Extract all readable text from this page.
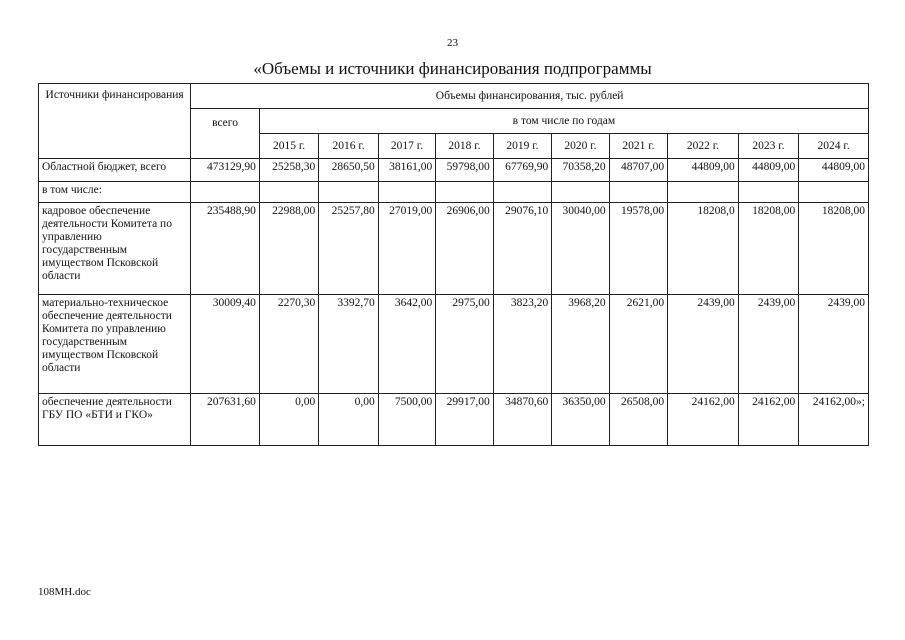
23
«Объемы и источники финансирования подпрограммы
Источники финансирования	Объемы финансирования, тыс. рублей										
	всего	в том числе по годам									
		2015 г.	2016 г.	2017 г.	2018 г.	2019 г.	2020 г.	2021 г.	2022 г.	2023 г.	2024 г.
Областной бюджет, всего	473129,90	25258,30	28650,50	38161,00	59798,00	67769,90	70358,20	48707,00	44809,00	44809,00	44809,00
в том числе:											
кадровое обеспечение деятельности Комитета по управлению государственным имуществом Псковской области	235488,90	22988,00	25257,80	27019,00	26906,00	29076,10	30040,00	19578,00	18208,0	18208,00	18208,00
материально-техническое обеспечение деятельности Комитета по управлению государственным имуществом Псковской области	30009,40	2270,30	3392,70	3642,00	2975,00	3823,20	3968,20	2621,00	2439,00	2439,00	2439,00
обеспечение деятельности ГБУ ПО «БТИ и ГКО»	207631,60	0,00	0,00	7500,00	29917,00	34870,60	36350,00	26508,00	24162,00	24162,00	24162,00»;
108МН.doc
